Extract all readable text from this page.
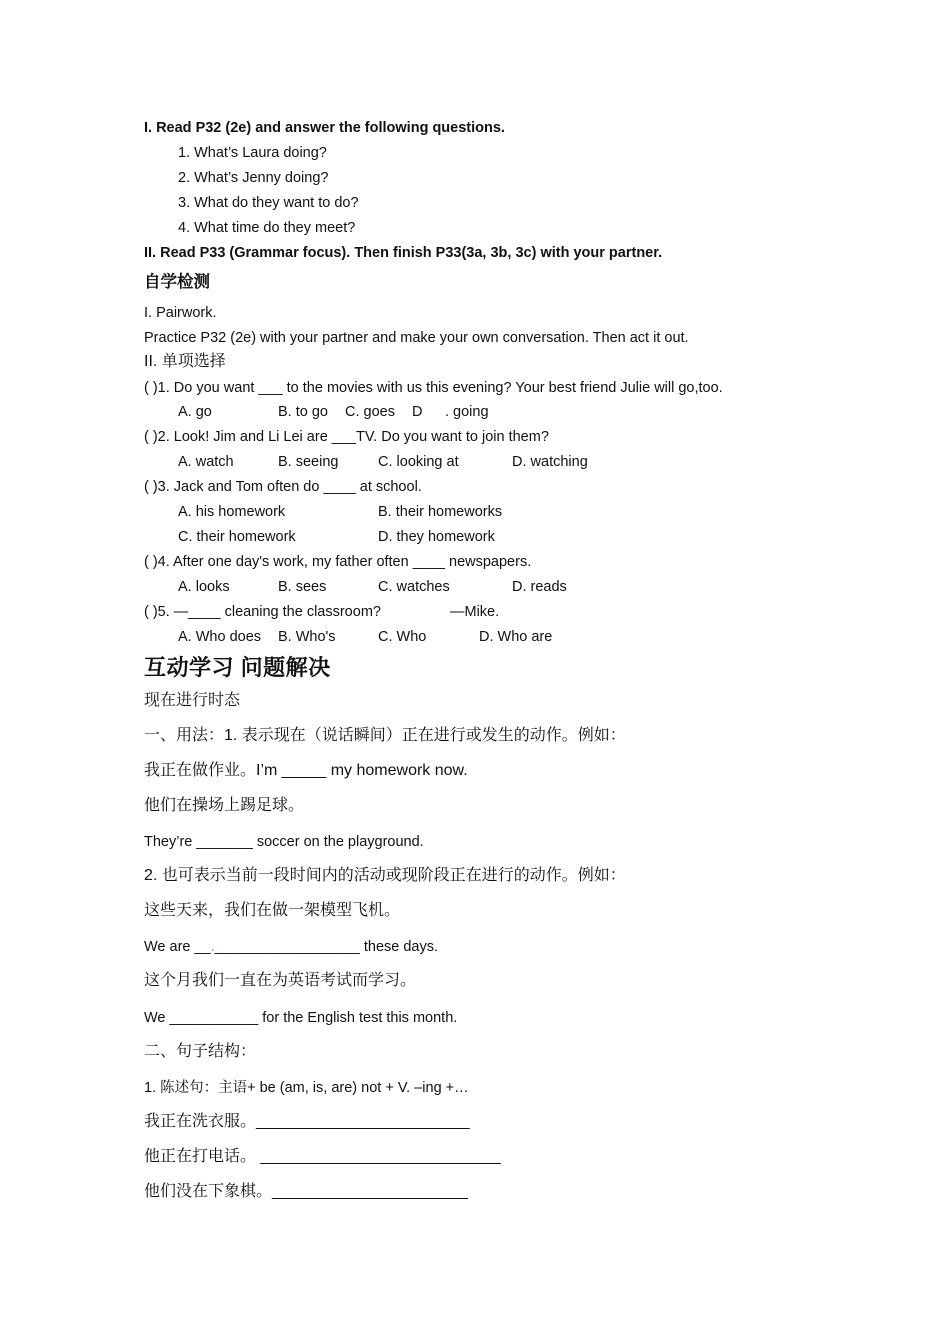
I. Read P32 (2e) and answer the following questions.
1. What’s Laura doing?
2. What’s Jenny doing?
3. What do they want to do?
4. What time do they meet?
II. Read P33 (Grammar focus). Then finish P33(3a, 3b, 3c) with your partner.
自学检测
I. Pairwork.
Practice P32 (2e) with your partner and make your own conversation. Then act it out.
II. 单项选择
( )1. Do you want ___ to the movies with us this evening? Your best friend Julie will go,too.
A. go	B. to go C. goes D . going
( )2. Look! Jim and Li Lei are ___TV. Do you want to join them?
A. watch	B. seeing	C. looking at	D. watching
( )3. Jack and Tom often do ____ at school.
A. his homework	B. their homeworks
C. their homework	D. they homework
( )4. After one day's work, my father often ____ newspapers.
A. looks	B. sees	C. watches	D. reads
( )5. —____ cleaning the classroom?	—Mike.
A. Who does B. Who's	C. Who	D. Who are
互动学习 问题解决
现在进行时态
一、用法：1. 表示现在（说话瞬间）正在进行或发生的动作。例如：
我正在做作业。I’m _____ my homework now.
他们在操场上踢足球。
They’re _______ soccer on the playground.
2. 也可表示当前一段时间内的活动或现阶段正在进行的动作。例如：
这些天来，我们在做一架模型飞机。
We are __.__________________ these days.
这个月我们一直在为英语考试而学习。
We ___________ for the English test this month.
二、句子结构：
1. 陈述句：主语+ be (am, is, are) not + V. –ing +…
我正在洗衣服。________________________
他正在打电话。 ___________________________
他们没在下象棋。______________________
